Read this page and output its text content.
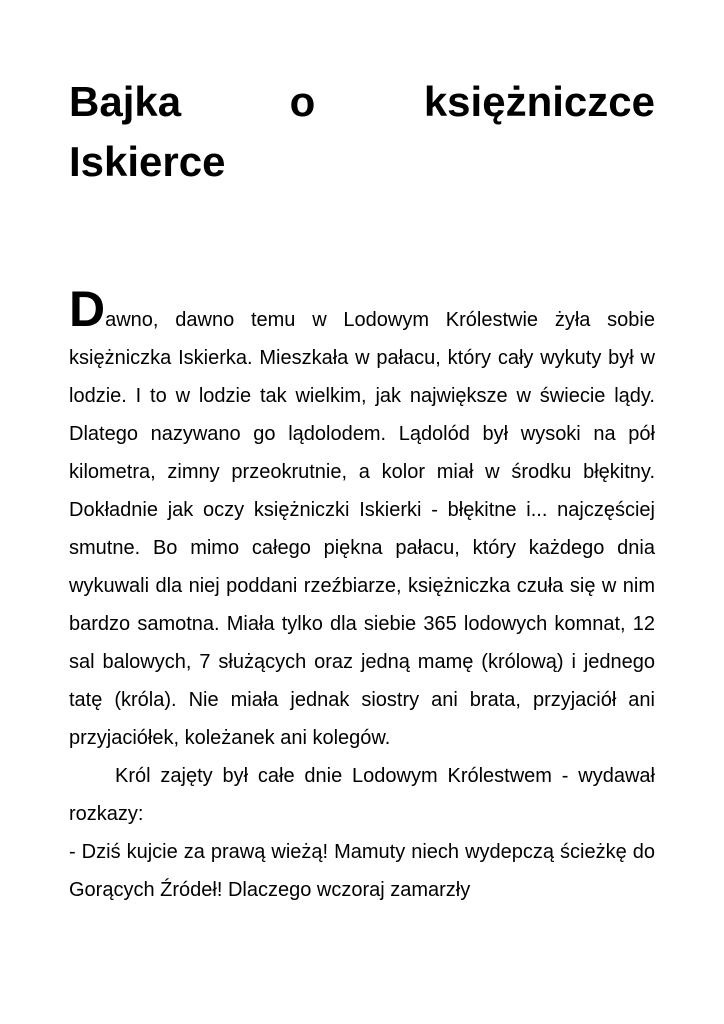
Bajka	o	księżniczce
Iskierce

Dawno, dawno temu w Lodowym Królestwie żyła sobie księżniczka Iskierka. Mieszkała w pałacu, który cały wykuty był w lodzie. I to w lodzie tak wielkim, jak największe w świecie lądy. Dlatego nazywano go lądolodem. Lądolód był wysoki na pół kilometra, zimny przeokrutnie, a kolor miał w środku błękitny. Dokładnie jak oczy księżniczki Iskierki - błękitne i... najczęściej smutne. Bo mimo całego piękna pałacu, który każdego dnia wykuwali dla niej poddani rzeźbiarze, księżniczka czuła się w nim bardzo samotna. Miała tylko dla siebie 365 lodowych komnat, 12 sal balowych, 7 służących oraz jedną mamę (królową) i jednego tatę (króla). Nie miała jednak siostry ani brata, przyjaciół ani przyjaciółek, koleżanek ani kolegów.

Król zajęty był całe dnie Lodowym Królestwem - wydawał rozkazy:

- Dziś kujcie za prawą wieżą! Mamuty niech wydepczą ścieżkę do Gorących Źródeł! Dlaczego wczoraj zamarzły
